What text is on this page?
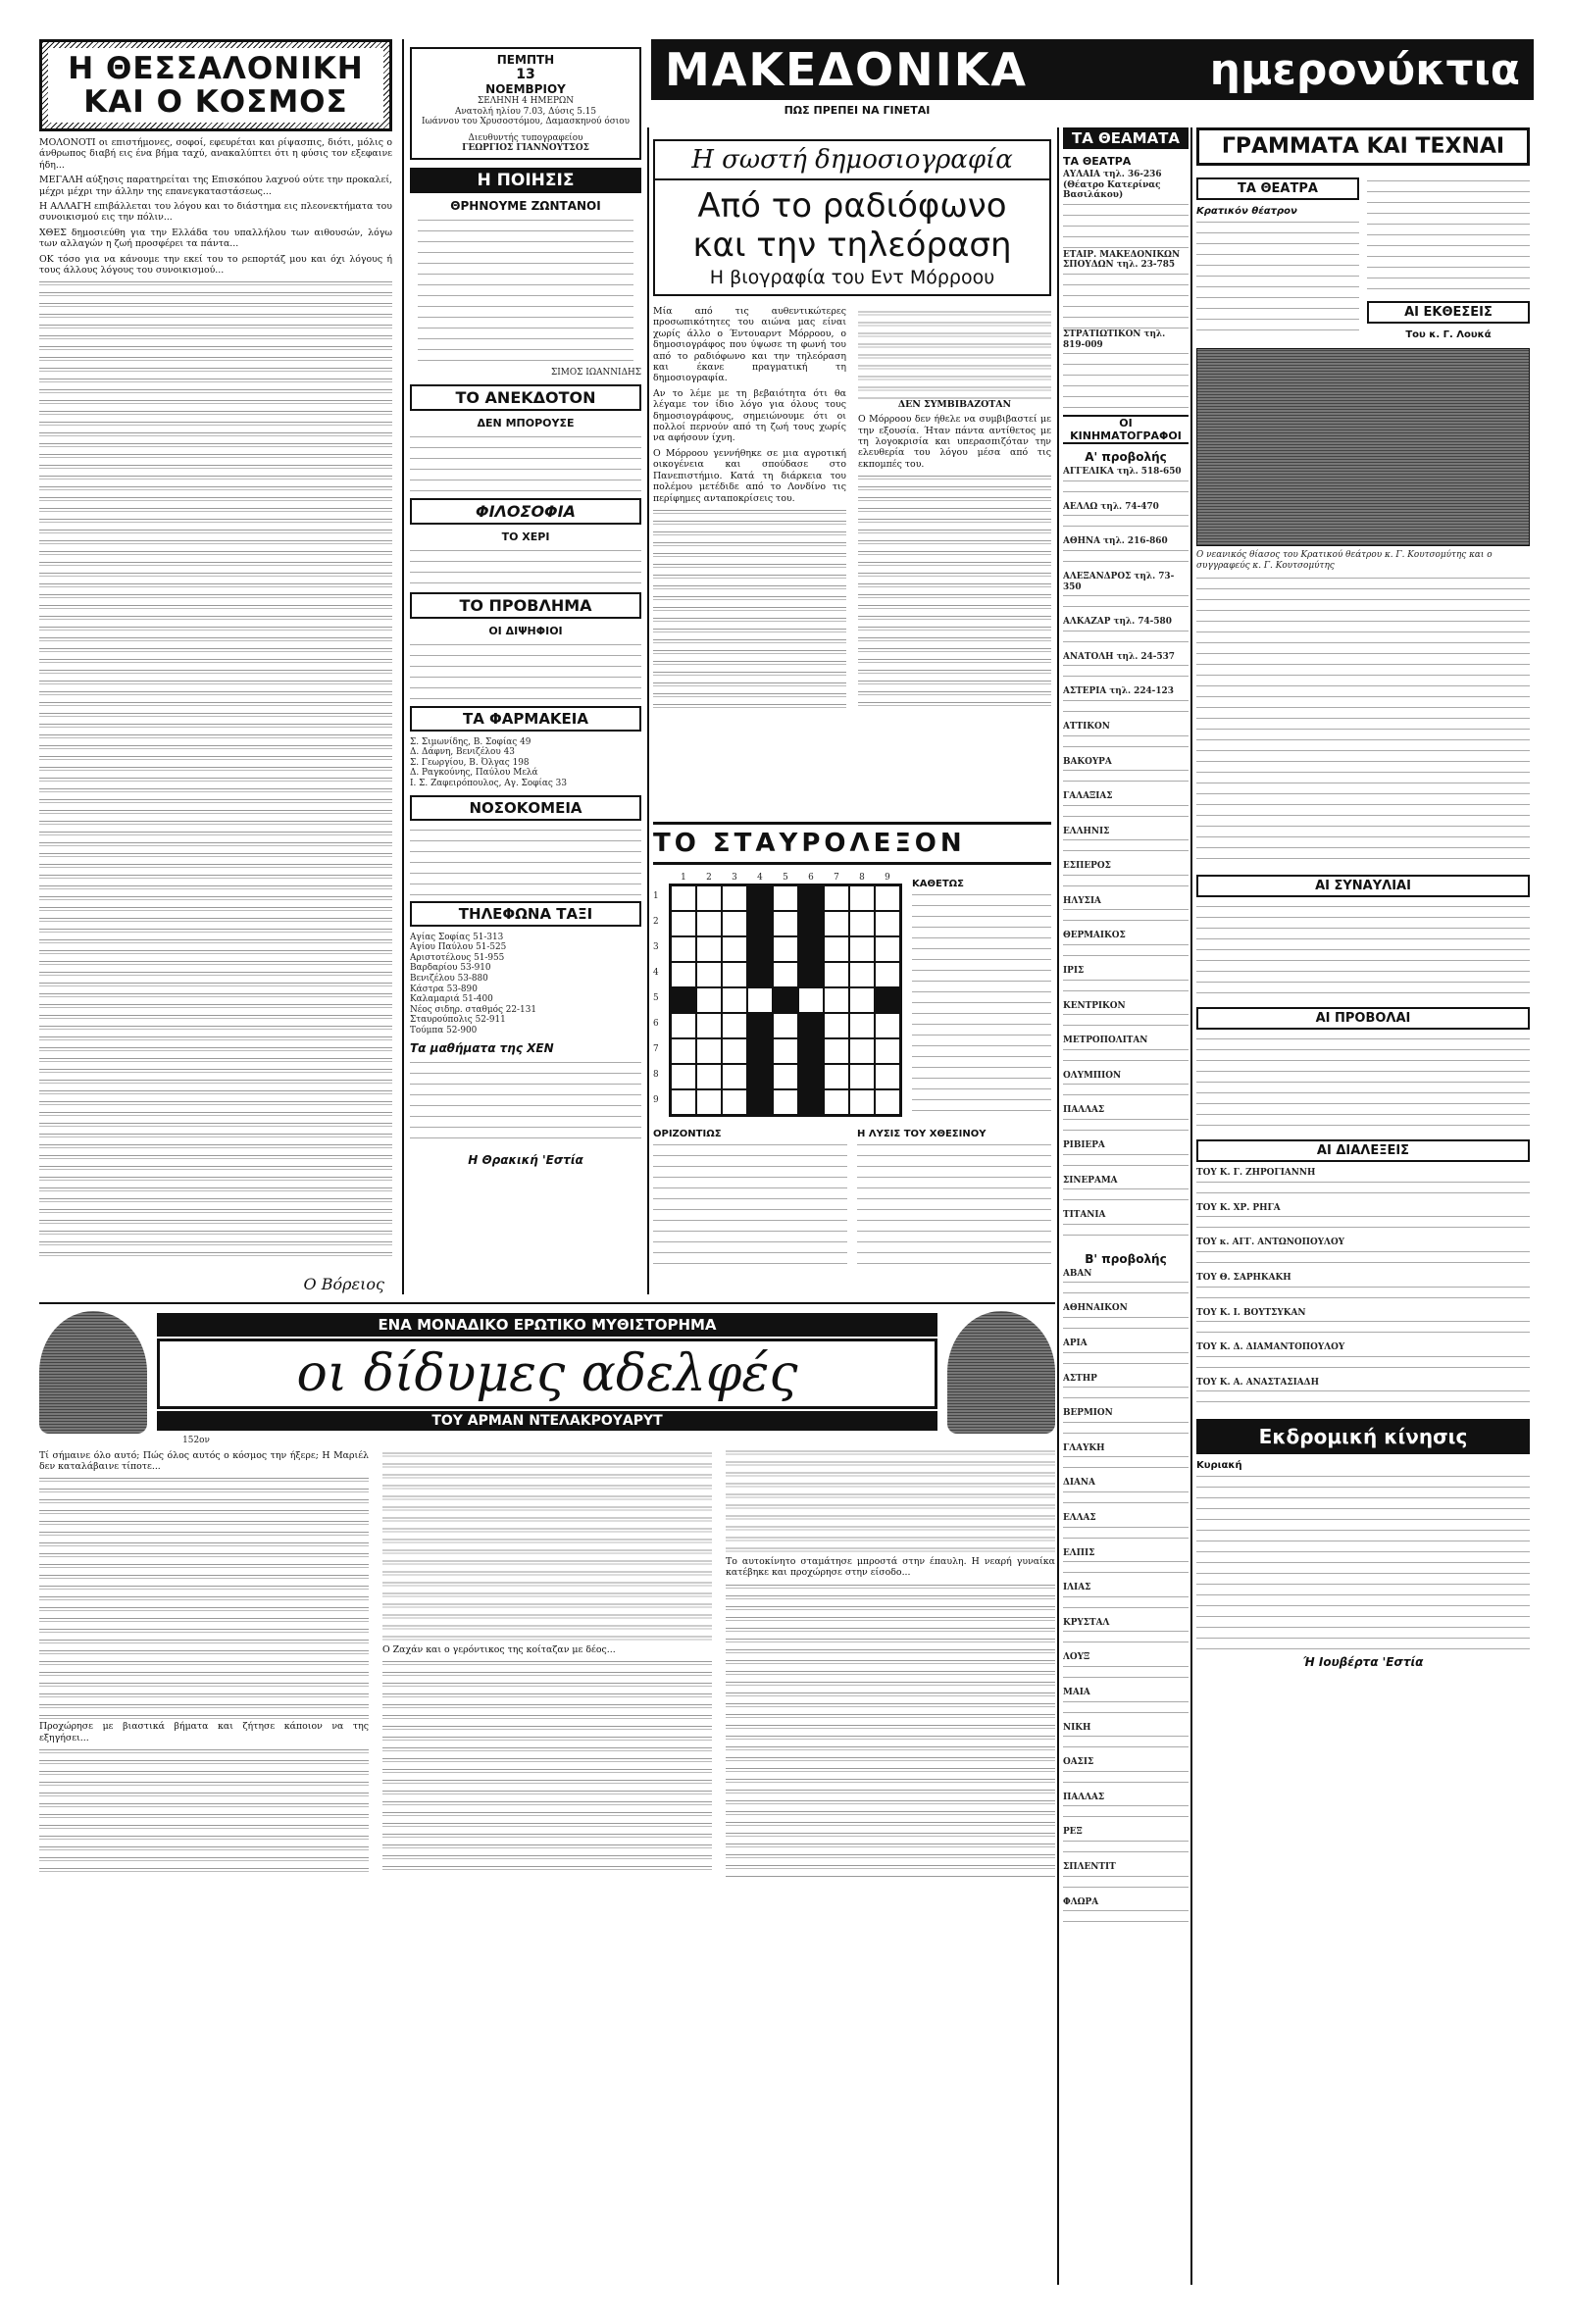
Η ΘΕΣΣΑΛΟΝΙΚΗ ΚΑΙ Ο ΚΟΣΜΟΣ

ΜΟΛΟΝΟΤΙ οι επιστήμονες, σοφοί, εφευρέται και ρίψασπις, διότι, μόλις ο άνθρωπος διαβή εις ένα βήμα ταχύ, ανακαλύπτει ότι η φύσις τον εξεφαινε ήδη...

ΜΕΓΑΛΗ αύξησις παρατηρείται της Επισκόπου λαχνού ούτε την προκαλεί, μέχρι μέχρι την άλλην της επανεγκαταστάσεως...

Η ΑΛΛΑΓΗ επιβάλλεται του λόγου και το διάστημα εις πλεονεκτήματα του συνοικισμού εις την πόλιν...

ΧΘΕΣ δημοσιεύθη για την Ελλάδα του υπαλλήλου των αιθουσών, λόγω των αλλαγών η ζωή προσφέρει τα πάντα...

ΟΚ τόσο για να κάνουμε την εκεί του το ρεπορτάζ μου και όχι λόγους ή τους άλλους λόγους του συνοικισμού...

Ο Βόρειος
ΠΕΜΠΤΗ
13
ΝΟΕΜΒΡΙΟΥ
ΣΕΛΗΝΗ 4 ΗΜΕΡΩΝ
Ανατολή ηλίου 7.03, Δύσις 5.15
Ιωάννου του Χρυσοστόμου, Δαμασκηνού όσιου
Διευθυντής τυπογραφείου
ΓΕΩΡΓΙΟΣ ΓΙΑΝΝΟΥΤΣΟΣ
Η ΠΟΙΗΣΙΣ
ΘΡΗΝΟΥΜΕ ΖΩΝΤΑΝΟΙ
ΣΙΜΟΣ ΙΩΑΝΝΙΔΗΣ
ΤΟ ΑΝΕΚΔΟΤΟΝ
ΔΕΝ ΜΠΟΡΟΥΣΕ
ΦΙΛΟΣΟΦΙΑ
ΤΟ ΧΕΡΙ
ΤΟ ΠΡΟΒΛΗΜΑ
ΟΙ ΔΙΨΗΦΙΟΙ
ΤΑ ΦΑΡΜΑΚΕΙΑ
Σ. Σιμωνίδης, Β. Σοφίας 49
Δ. Δάφνη, Βενιζέλου 43
Σ. Γεωργίου, Β. Όλγας 198
Δ. Ραγκούνης, Παύλου Μελά
Ι. Σ. Ζαφειρόπουλος, Αγ. Σοφίας 33
ΝΟΣΟΚΟΜΕΙΑ
ΤΗΛΕΦΩΝΑ ΤΑΞΙ
Αγίας Σοφίας 51-313
Αγίου Παύλου 51-525
Αριστοτέλους 51-955
Βαρδαρίου 53-910
Βενιζέλου 53-880
Κάστρα 53-890
Καλαμαριά 51-400
Νέος σιδηρ. σταθμός 22-131
Σταυρούπολις 52-911
Τούμπα 52-900
Τα μαθήματα της ΧΕΝ
Η Θρακική 'Εστία
ΜΑΚΕΔΟΝΙΚΑ	ημερονύκτια
ΠΩΣ ΠΡΕΠΕΙ ΝΑ ΓΙΝΕΤΑΙ
Η σωστή δημοσιογραφία
Από το ραδιόφωνο
και την τηλεόραση
Η βιογραφία του Εντ Μόρροου

Μία από τις αυθεντικώτερες προσωπικότητες του αιώνα μας είναι χωρίς άλλο ο Έντουαρντ Μόρροου, ο δημοσιογράφος που ύψωσε τη φωνή του από το ραδιόφωνο και την τηλεόραση και έκανε πραγματική τη δημοσιογραφία.

Αν το λέμε με τη βεβαιότητα ότι θα λέγαμε τον ίδιο λόγο για όλους τους δημοσιογράφους, σημειώνουμε ότι οι πολλοί περνούν από τη ζωή τους χωρίς να αφήσουν ίχνη.

Ο Μόρροου γεννήθηκε σε μια αγροτική οικογένεια και σπούδασε στο Πανεπιστήμιο. Κατά τη διάρκεια του πολέμου μετέδιδε από το Λονδίνο τις περίφημες ανταποκρίσεις του.

ΔΕΝ ΣΥΜΒΙΒΑΖΟΤΑΝ

Ο Μόρροου δεν ήθελε να συμβιβαστεί με την εξουσία. Ήταν πάντα αντίθετος με τη λογοκρισία και υπερασπιζόταν την ελευθερία του λόγου μέσα από τις εκπομπές του.

ΤΟ ΣΤΑΥΡΟΛΕΞΟΝ
1	2	3	4	5	6	7	8	9
1
2
3
4
5
6
7
8
9
ΚΑΘΕΤΩΣ
ΟΡΙΖΟΝΤΙΩΣ	Η ΛΥΣΙΣ ΤΟΥ ΧΘΕΣΙΝΟΥ
ΤΑ ΘΕΑΜΑΤΑ
ΤΑ ΘΕΑΤΡΑ
ΑΥΛΑΙΑ τηλ. 36-236 (Θέατρο Κατερίνας Βασιλάκου)
ΕΤΑΙΡ. ΜΑΚΕΔΟΝΙΚΩΝ ΣΠΟΥΔΩΝ τηλ. 23-785
ΣΤΡΑΤΙΩΤΙΚΟΝ τηλ. 819-009
ΟΙ ΚΙΝΗΜΑΤΟΓΡΑΦΟΙ
Α' προβολής
ΑΓΓΕΛΙΚΑ τηλ. 518-650
ΑΕΛΛΩ τηλ. 74-470
ΑΘΗΝΑ τηλ. 216-860
ΑΛΕΞΑΝΔΡΟΣ τηλ. 73-350
ΑΛΚΑΖΑΡ τηλ. 74-580
ΑΝΑΤΟΛΗ τηλ. 24-537
ΑΣΤΕΡΙΑ τηλ. 224-123
ΑΤΤΙΚΟΝ
ΒΑΚΟΥΡΑ
ΓΑΛΑΞΙΑΣ
ΕΛΛΗΝΙΣ
ΕΣΠΕΡΟΣ
ΗΛΥΣΙΑ
ΘΕΡΜΑΙΚΟΣ
ΙΡΙΣ
ΚΕΝΤΡΙΚΟΝ
ΜΕΤΡΟΠΟΛΙΤΑΝ
ΟΛΥΜΠΙΟΝ
ΠΑΛΛΑΣ
ΡΙΒΙΕΡΑ
ΣΙΝΕΡΑΜΑ
ΤΙΤΑΝΙΑ
Β' προβολής
ΑΒΑΝ
ΑΘΗΝΑΙΚΟΝ
ΑΡΙΑ
ΑΣΤΗΡ
ΒΕΡΜΙΟΝ
ΓΛΑΥΚΗ
ΔΙΑΝΑ
ΕΛΛΑΣ
ΕΛΠΙΣ
ΙΛΙΑΣ
ΚΡΥΣΤΑΛ
ΛΟΥΞ
ΜΑΙΑ
ΝΙΚΗ
ΟΑΣΙΣ
ΠΑΛΛΑΣ
ΡΕΞ
ΣΠΛΕΝΤΙΤ
ΦΛΩΡΑ
ΓΡΑΜΜΑΤΑ ΚΑΙ ΤΕΧΝΑΙ
ΤΑ ΘΕΑΤΡΑ
Κρατικόν θέατρον
ΑΙ ΕΚΘΕΣΕΙΣ
Του κ. Γ. Λουκά
Ο νεανικός θίασος του Κρατικού θεάτρου κ. Γ. Κουτσομύτης και ο συγγραφεύς κ. Γ. Κουτσομύτης
ΑΙ ΣΥΝΑΥΛΙΑΙ
ΑΙ ΠΡΟΒΟΛΑΙ
ΑΙ ΔΙΑΛΕΞΕΙΣ
ΤΟΥ Κ. Γ. ΖΗΡΟΓΙΑΝΝΗ
ΤΟΥ Κ. ΧΡ. ΡΗΓΑ
ΤΟΥ κ. ΑΓΓ. ΑΝΤΩΝΟΠΟΥΛΟΥ
ΤΟΥ Θ. ΣΑΡΗΚΑΚΗ
ΤΟΥ Κ. Ι. ΒΟΥΤΣΥΚΑΝ
ΤΟΥ Κ. Δ. ΔΙΑΜΑΝΤΟΠΟΥΛΟΥ
ΤΟΥ Κ. Α. ΑΝΑΣΤΑΣΙΑΔΗ
Εκδρομική κίνησις
Κυριακή
Ή Ιουβέρτα 'Εστία
ΕΝΑ ΜΟΝΑΔΙΚΟ ΕΡΩΤΙΚΟ ΜΥΘΙΣΤΟΡΗΜΑ
οι δίδυμες αδελφές
ΤΟΥ ΑΡΜΑΝ ΝΤΕΛΑΚΡΟΥΑΡΥΤ
152ον

Τί σήμαινε όλο αυτό; Πώς όλος αυτός ο κόσμος την ήξερε; Η Μαριέλ δεν καταλάβαινε τίποτε...

Προχώρησε με βιαστικά βήματα και ζήτησε κάποιον να της εξηγήσει...

Ο Ζαχάν και ο γερόντικος της κοίταζαν με δέος...

Το αυτοκίνητο σταμάτησε μπροστά στην έπαυλη. Η νεαρή γυναίκα κατέβηκε και προχώρησε στην είσοδο...
